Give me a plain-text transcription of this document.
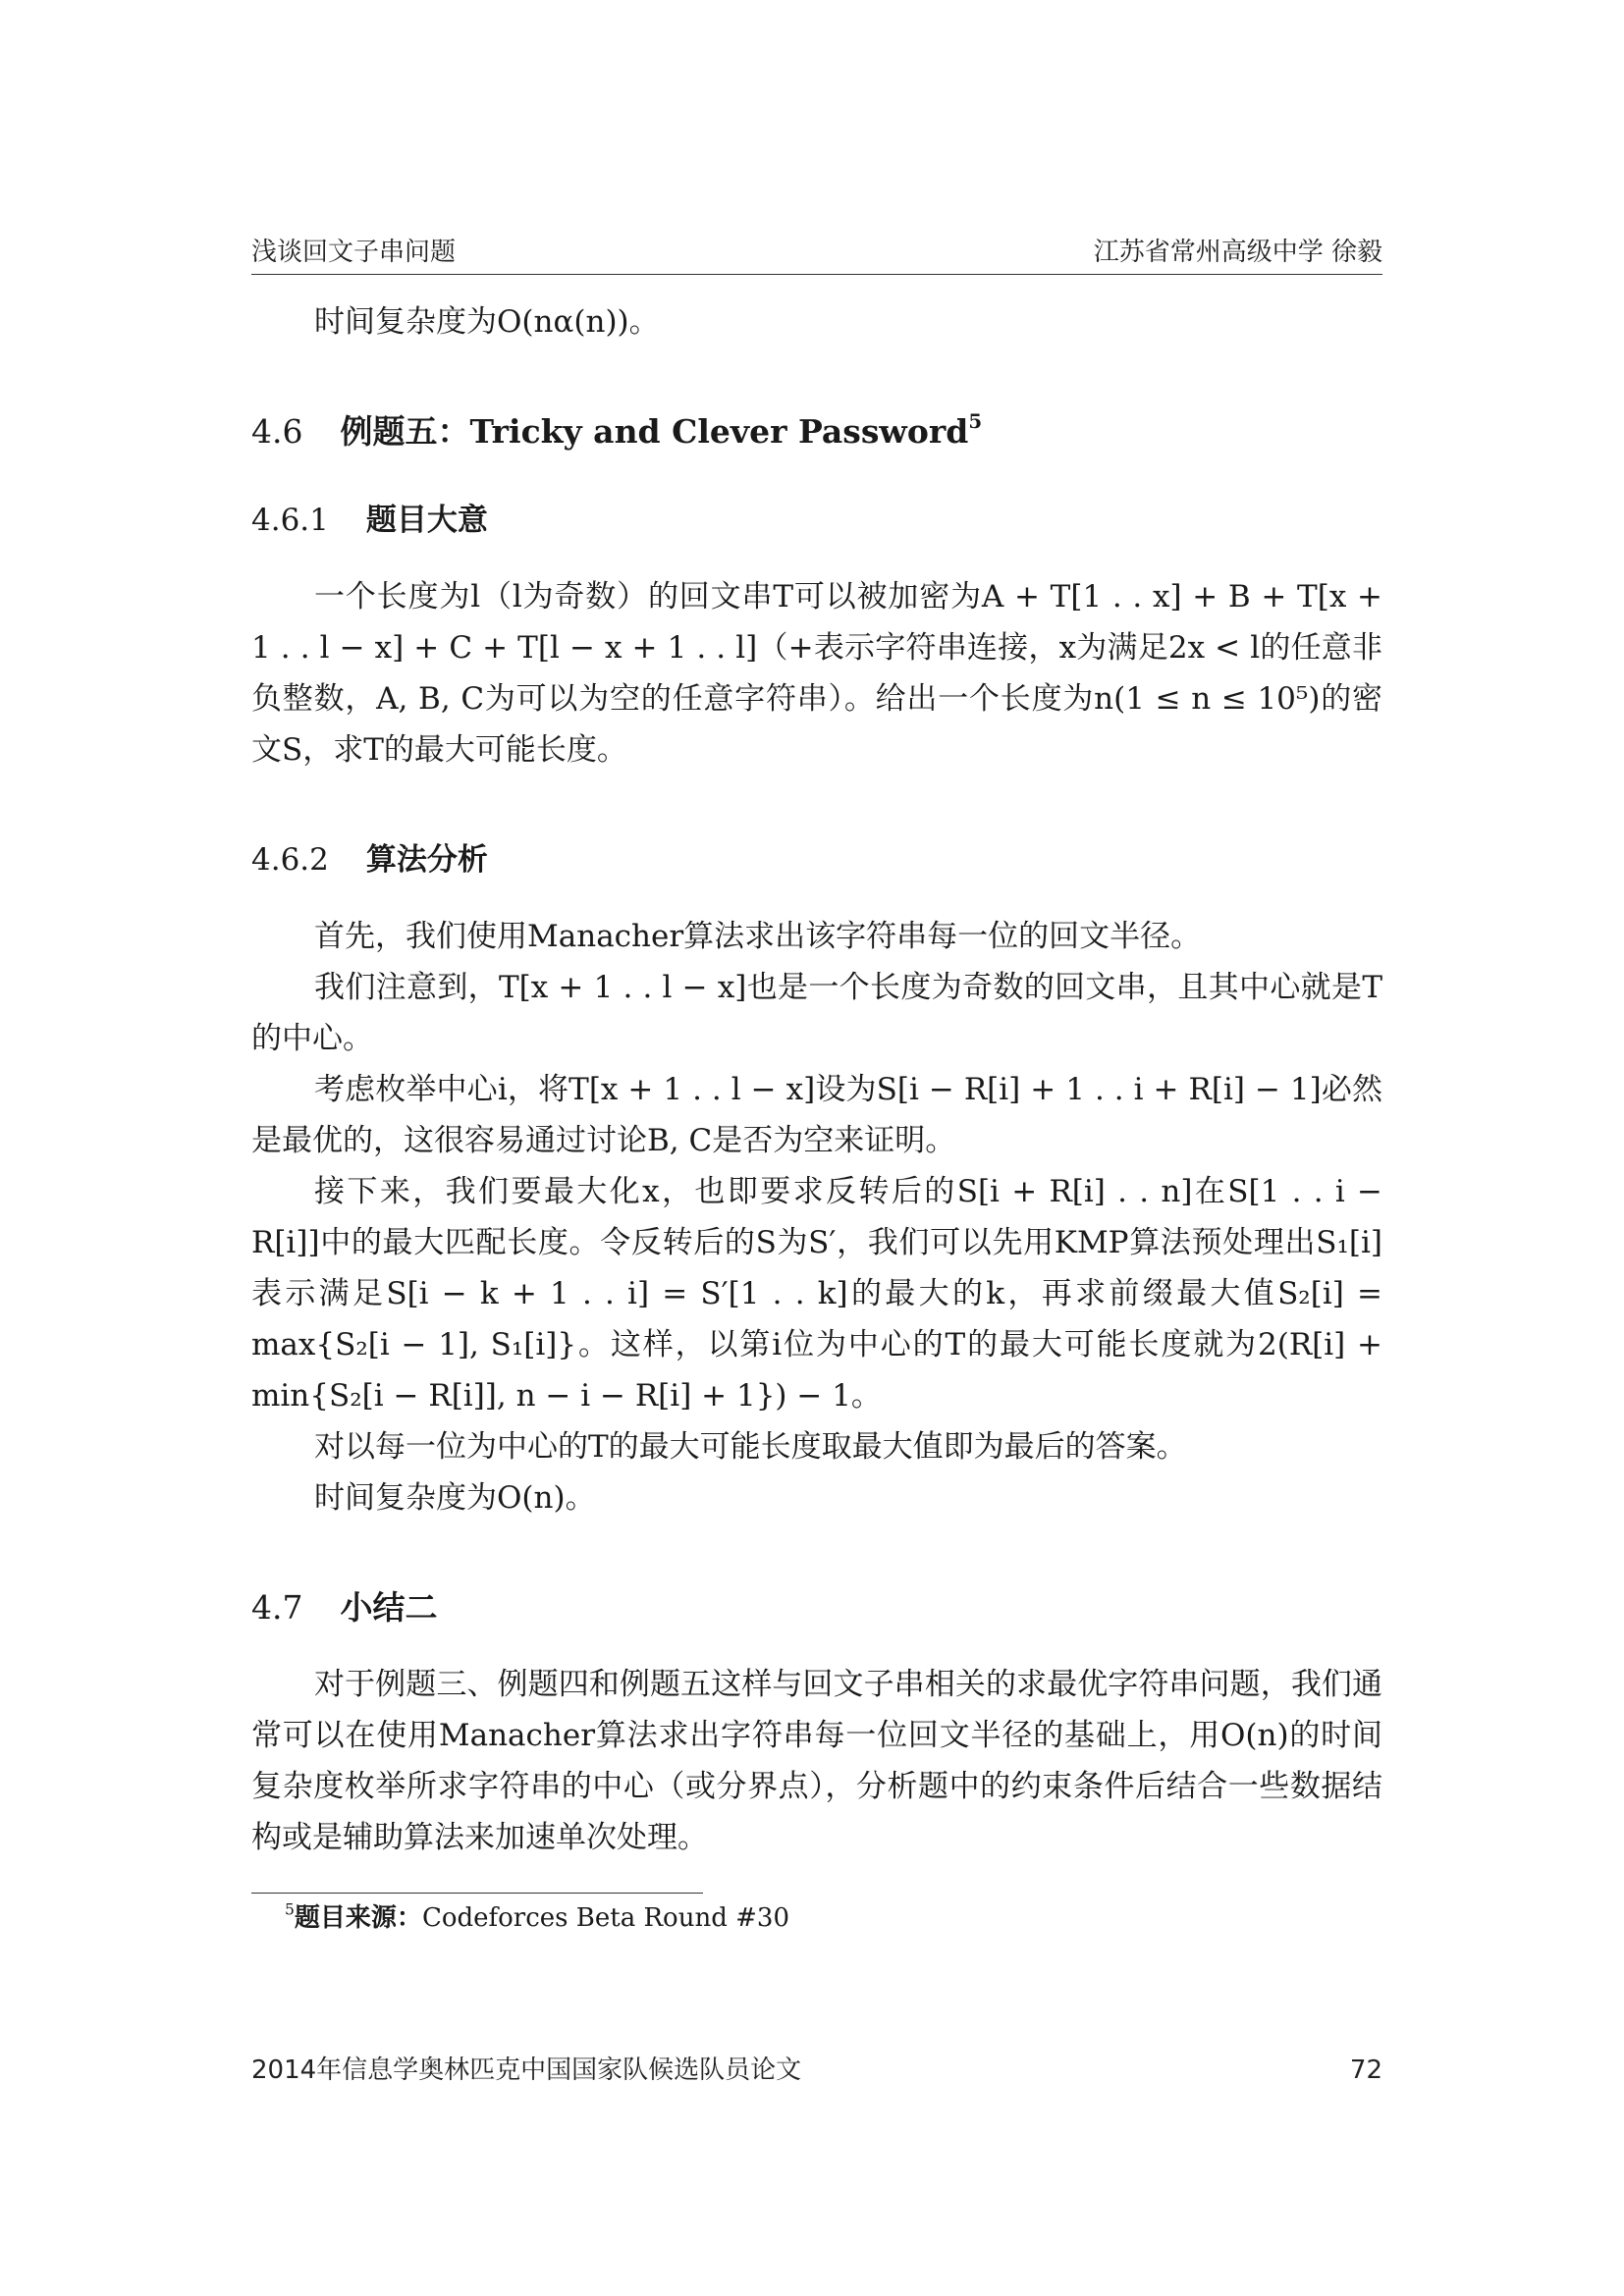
浅谈回文子串问题	江苏省常州高级中学 徐毅

时间复杂度为O(nα(n))。

4.6 例题五：Tricky and Clever Password$^5$
4.6.1 题目大意

一个长度为l（l为奇数）的回文串T可以被加密为A + T[1 . . x] + B + T[x + 1 . . l − x] + C + T[l − x + 1 . . l]（+表示字符串连接，x为满足2x < l的任意非负整数，A, B, C为可以为空的任意字符串）。给出一个长度为n(1 ≤ n ≤ 10⁵)的密文S，求T的最大可能长度。

4.6.2 算法分析

首先，我们使用Manacher算法求出该字符串每一位的回文半径。

我们注意到，T[x + 1 . . l − x]也是一个长度为奇数的回文串，且其中心就是T的中心。

考虑枚举中心i，将T[x + 1 . . l − x]设为S[i − R[i] + 1 . . i + R[i] − 1]必然是最优的，这很容易通过讨论B, C是否为空来证明。

接下来，我们要最大化x，也即要求反转后的S[i + R[i] . . n]在S[1 . . i − R[i]]中的最大匹配长度。令反转后的S为S′，我们可以先用KMP算法预处理出S₁[i]表示满足S[i − k + 1 . . i] = S′[1 . . k]的最大的k，再求前缀最大值S₂[i] = max{S₂[i − 1], S₁[i]}。这样，以第i位为中心的T的最大可能长度就为2(R[i] + min{S₂[i − R[i]], n − i − R[i] + 1}) − 1。

对以每一位为中心的T的最大可能长度取最大值即为最后的答案。

时间复杂度为O(n)。

4.7 小结二

对于例题三、例题四和例题五这样与回文子串相关的求最优字符串问题，我们通常可以在使用Manacher算法求出字符串每一位回文半径的基础上，用O(n)的时间复杂度枚举所求字符串的中心（或分界点），分析题中的约束条件后结合一些数据结构或是辅助算法来加速单次处理。

$^5$题目来源：Codeforces Beta Round #30
2014年信息学奥林匹克中国国家队候选队员论文	72
